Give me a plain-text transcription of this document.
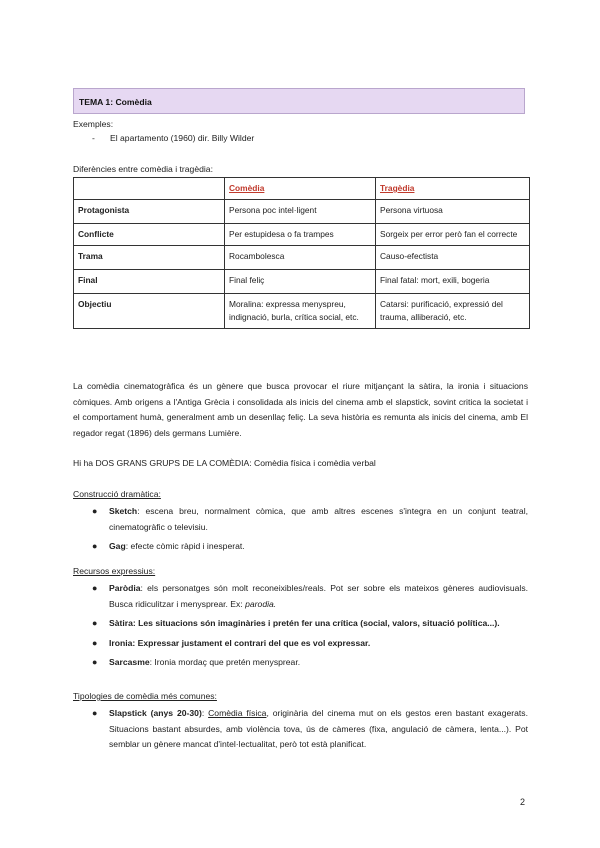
TEMA 1: Comèdia
Exemples:
- El apartamento (1960) dir. Billy Wilder
Diferències entre comèdia i tragèdia:
	Comèdia	Tragèdia
Protagonista	Persona poc intel·ligent	Persona virtuosa
Conflicte	Per estupidesa o fa trampes	Sorgeix per error però fan el correcte
Trama	Rocambolesca	Causo-efectista
Final	Final feliç	Final fatal: mort, exili, bogeria
Objectiu	Moralina: expressa menyspreu, indignació, burla, crítica social, etc.	Catarsi: purificació, expressió del trauma, alliberació, etc.
La comèdia cinematogràfica és un gènere que busca provocar el riure mitjançant la sàtira, la ironia i situacions còmiques. Amb origens a l'Antiga Grècia i consolidada als inicis del cinema amb el slapstick, sovint critica la societat i el comportament humà, generalment amb un desenllaç feliç. La seva història es remunta als inicis del cinema, amb El regador regat (1896) dels germans Lumière.
Hi ha DOS GRANS GRUPS DE LA COMÈDIA: Comèdia física i comèdia verbal
Construcció dramàtica:
● Sketch: escena breu, normalment còmica, que amb altres escenes s'integra en un conjunt teatral, cinematogràfic o televisiu.
● Gag: efecte còmic ràpid i inesperat.
Recursos expressius:
● Paròdia: els personatges són molt reconeixibles/reals. Pot ser sobre els mateixos gèneres audiovisuals. Busca ridiculitzar i menysprear. Ex: parodia.
● Sàtira: Les situacions són imaginàries i pretén fer una crítica (social, valors, situació política...).
● Ironia: Expressar justament el contrari del que es vol expressar.
● Sarcasme: Ironia mordaç que pretén menysprear.
Tipologies de comèdia més comunes:
● Slapstick (anys 20-30): Comèdia física, originària del cinema mut on els gestos eren bastant exagerats. Situacions bastant absurdes, amb violència tova, ús de càmeres (fixa, angulació de càmera, lenta...). Pot semblar un gènere mancat d'intel·lectualitat, però tot està planificat.
2
